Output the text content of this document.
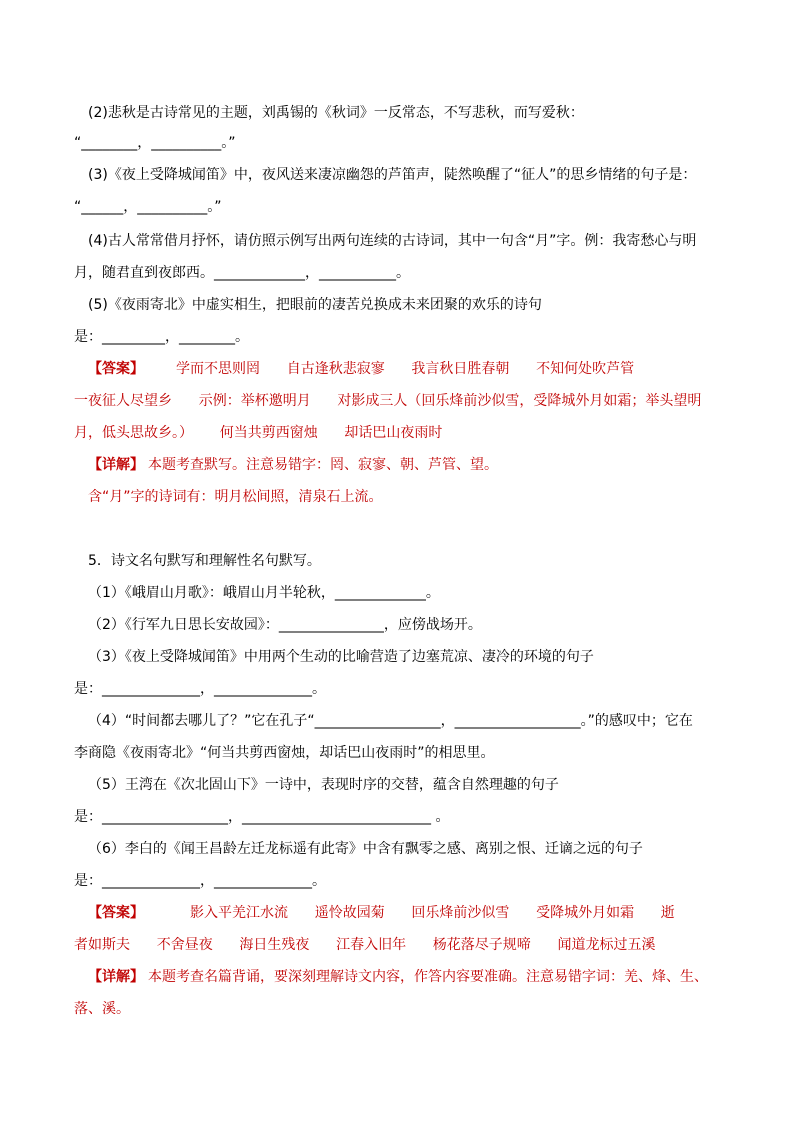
(2)悲秋是古诗常见的主题，刘禹锡的《秋词》一反常态，不写悲秋，而写爱秋：
“________，__________。”
(3)《夜上受降城闻笛》中，夜风送来凄凉幽怨的芦笛声，陡然唤醒了“征人”的思乡情绪的句子是：
“______，__________。”
(4)古人常常借月抒怀，请仿照示例写出两句连续的古诗词，其中一句含“月”字。例：我寄愁心与明
月，随君直到夜郎西。_____________，___________。
(5)《夜雨寄北》中虚实相生，把眼前的凄苦兑换成未来团聚的欢乐的诗句
是：_________，________。
【答案】 学而不思则罔      自古逢秋悲寂寥      我言秋日胜春朝      不知何处吹芦管
一夜征人尽望乡      示例：举杯邀明月      对影成三人（回乐烽前沙似雪，受降城外月如霜；举头望明
月，低头思故乡。）      何当共剪西窗烛      却话巴山夜雨时
【详解】 本题考查默写。注意易错字：罔、寂寥、朝、芦管、望。
含“月”字的诗词有：明月松间照，清泉石上流。
5．诗文名句默写和理解性名句默写。
（1）《峨眉山月歌》：峨眉山月半轮秋，_____________。
（2）《行军九日思长安故园》：_______________，应傍战场开。
（3）《夜上受降城闻笛》中用两个生动的比喻营造了边塞荒凉、凄冷的环境的句子
是：______________，______________。
（4）“时间都去哪儿了？”它在孔子“__________________，__________________。”的感叹中；它在
李商隐《夜雨寄北》“何当共剪西窗烛，却话巴山夜雨时”的相思里。
（5）王湾在《次北固山下》一诗中，表现时序的交替，蕴含自然理趣的句子
是：__________________，___________________________ 。
（6）李白的《闻王昌龄左迁龙标遥有此寄》中含有飘零之感、离别之恨、迁谪之远的句子
是：______________，______________。
【答案】	影入平羌江水流      遥怜故园菊      回乐烽前沙似雪      受降城外月如霜      逝
者如斯夫      不舍昼夜      海日生残夜      江春入旧年      杨花落尽子规啼      闻道龙标过五溪
【详解】 本题考查名篇背诵，要深刻理解诗文内容，作答内容要准确。注意易错字词：羌、烽、生、
落、溪。
